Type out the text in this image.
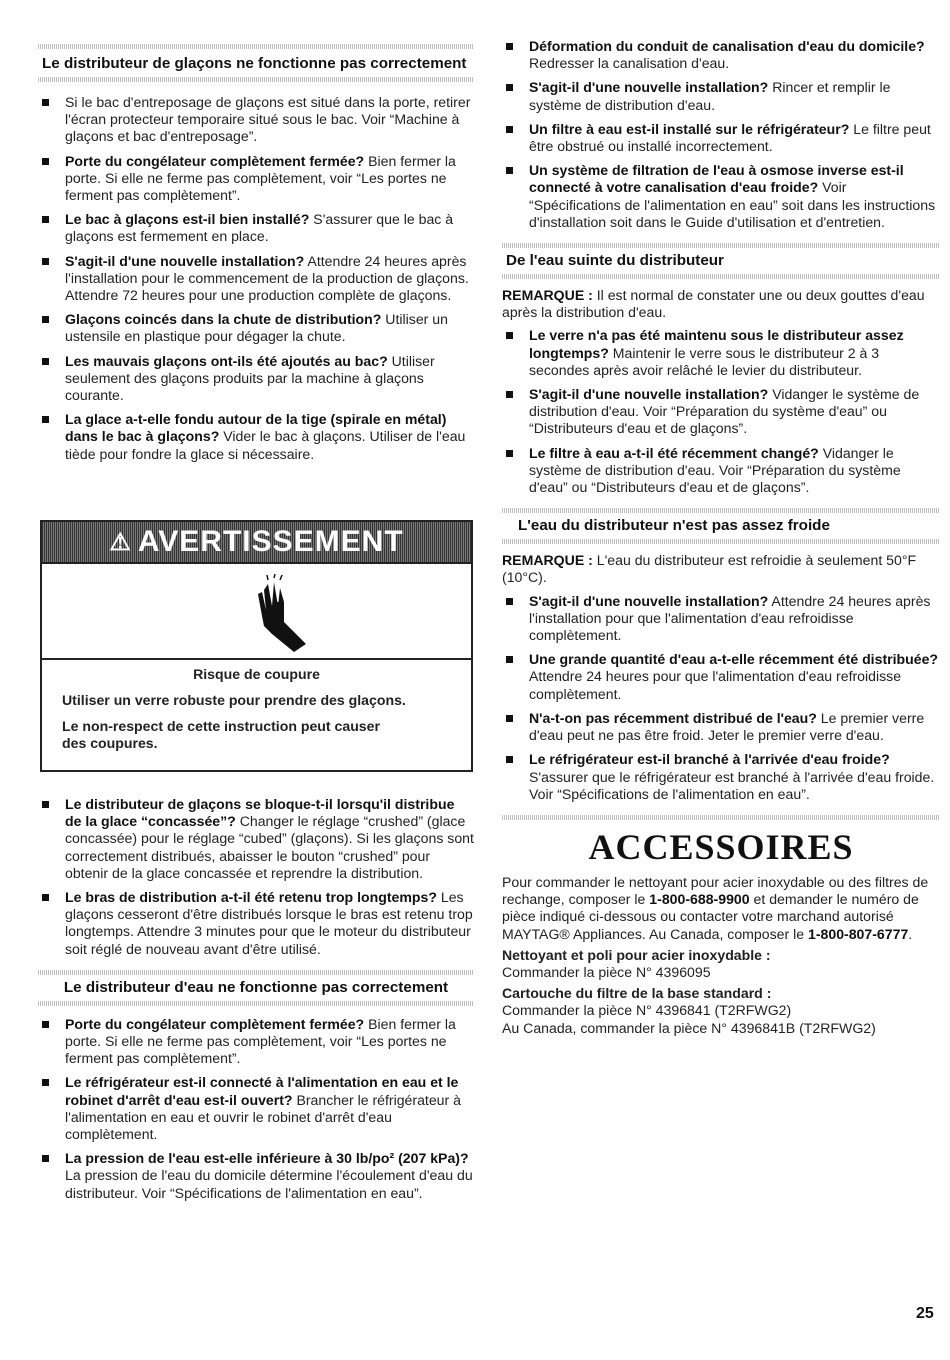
Le distributeur de glaçons ne fonctionne pas correctement
Si le bac d'entreposage de glaçons est situé dans la porte, retirer l'écran protecteur temporaire situé sous le bac. Voir “Machine à glaçons et bac d'entreposage”.
Porte du congélateur complètement fermée? Bien fermer la porte. Si elle ne ferme pas complètement, voir “Les portes ne ferment pas complètement”.
Le bac à glaçons est-il bien installé? S'assurer que le bac à glaçons est fermement en place.
S'agit-il d'une nouvelle installation? Attendre 24 heures après l'installation pour le commencement de la production de glaçons. Attendre 72 heures pour une production complète de glaçons.
Glaçons coincés dans la chute de distribution? Utiliser un ustensile en plastique pour dégager la chute.
Les mauvais glaçons ont-ils été ajoutés au bac? Utiliser seulement des glaçons produits par la machine à glaçons courante.
La glace a-t-elle fondu autour de la tige (spirale en métal) dans le bac à glaçons? Vider le bac à glaçons. Utiliser de l'eau tiède pour fondre la glace si nécessaire.
⚠ AVERTISSEMENT
Risque de coupure
Utiliser un verre robuste pour prendre des glaçons.
Le non-respect de cette instruction peut causer des coupures.
Le distributeur de glaçons se bloque-t-il lorsqu'il distribue de la glace “concassée”? Changer le réglage “crushed” (glace concassée) pour le réglage “cubed” (glaçons). Si les glaçons sont correctement distribués, abaisser le bouton “crushed” pour obtenir de la glace concassée et reprendre la distribution.
Le bras de distribution a-t-il été retenu trop longtemps? Les glaçons cesseront d'être distribués lorsque le bras est retenu trop longtemps. Attendre 3 minutes pour que le moteur du distributeur soit réglé de nouveau avant d'être utilisé.
Le distributeur d'eau ne fonctionne pas correctement
Porte du congélateur complètement fermée? Bien fermer la porte. Si elle ne ferme pas complètement, voir “Les portes ne ferment pas complètement”.
Le réfrigérateur est-il connecté à l'alimentation en eau et le robinet d'arrêt d'eau est-il ouvert? Brancher le réfrigérateur à l'alimentation en eau et ouvrir le robinet d'arrêt d'eau complètement.
La pression de l'eau est-elle inférieure à 30 lb/po² (207 kPa)? La pression de l'eau du domicile détermine l'écoulement d'eau du distributeur. Voir “Spécifications de l'alimentation en eau”.
Déformation du conduit de canalisation d'eau du domicile? Redresser la canalisation d'eau.
S'agit-il d'une nouvelle installation? Rincer et remplir le système de distribution d'eau.
Un filtre à eau est-il installé sur le réfrigérateur? Le filtre peut être obstrué ou installé incorrectement.
Un système de filtration de l'eau à osmose inverse est-il connecté à votre canalisation d'eau froide? Voir “Spécifications de l'alimentation en eau” soit dans les instructions d'installation soit dans le Guide d'utilisation et d'entretien.
De l'eau suinte du distributeur

REMARQUE : Il est normal de constater une ou deux gouttes d'eau après la distribution d'eau.

Le verre n'a pas été maintenu sous le distributeur assez longtemps? Maintenir le verre sous le distributeur 2 à 3 secondes après avoir relâché le levier du distributeur.
S'agit-il d'une nouvelle installation? Vidanger le système de distribution d'eau. Voir “Préparation du système d'eau” ou “Distributeurs d'eau et de glaçons”.
Le filtre à eau a-t-il été récemment changé? Vidanger le système de distribution d'eau. Voir “Préparation du système d'eau” ou “Distributeurs d'eau et de glaçons”.
L'eau du distributeur n'est pas assez froide

REMARQUE : L'eau du distributeur est refroidie à seulement 50°F (10°C).

S'agit-il d'une nouvelle installation? Attendre 24 heures après l'installation pour que l'alimentation d'eau refroidisse complètement.
Une grande quantité d'eau a-t-elle récemment été distribuée? Attendre 24 heures pour que l'alimentation d'eau refroidisse complètement.
N'a-t-on pas récemment distribué de l'eau? Le premier verre d'eau peut ne pas être froid. Jeter le premier verre d'eau.
Le réfrigérateur est-il branché à l'arrivée d'eau froide? S'assurer que le réfrigérateur est branché à l'arrivée d'eau froide. Voir “Spécifications de l'alimentation en eau”.
ACCESSOIRES

Pour commander le nettoyant pour acier inoxydable ou des filtres de rechange, composer le 1-800-688-9900 et demander le numéro de pièce indiqué ci-dessous ou contacter votre marchand autorisé MAYTAG® Appliances. Au Canada, composer le 1-800-807-6777.

Nettoyant et poli pour acier inoxydable :

Commander la pièce N° 4396095

Cartouche du filtre de la base standard :

Commander la pièce N° 4396841 (T2RFWG2)

Au Canada, commander la pièce N° 4396841B (T2RFWG2)

25
